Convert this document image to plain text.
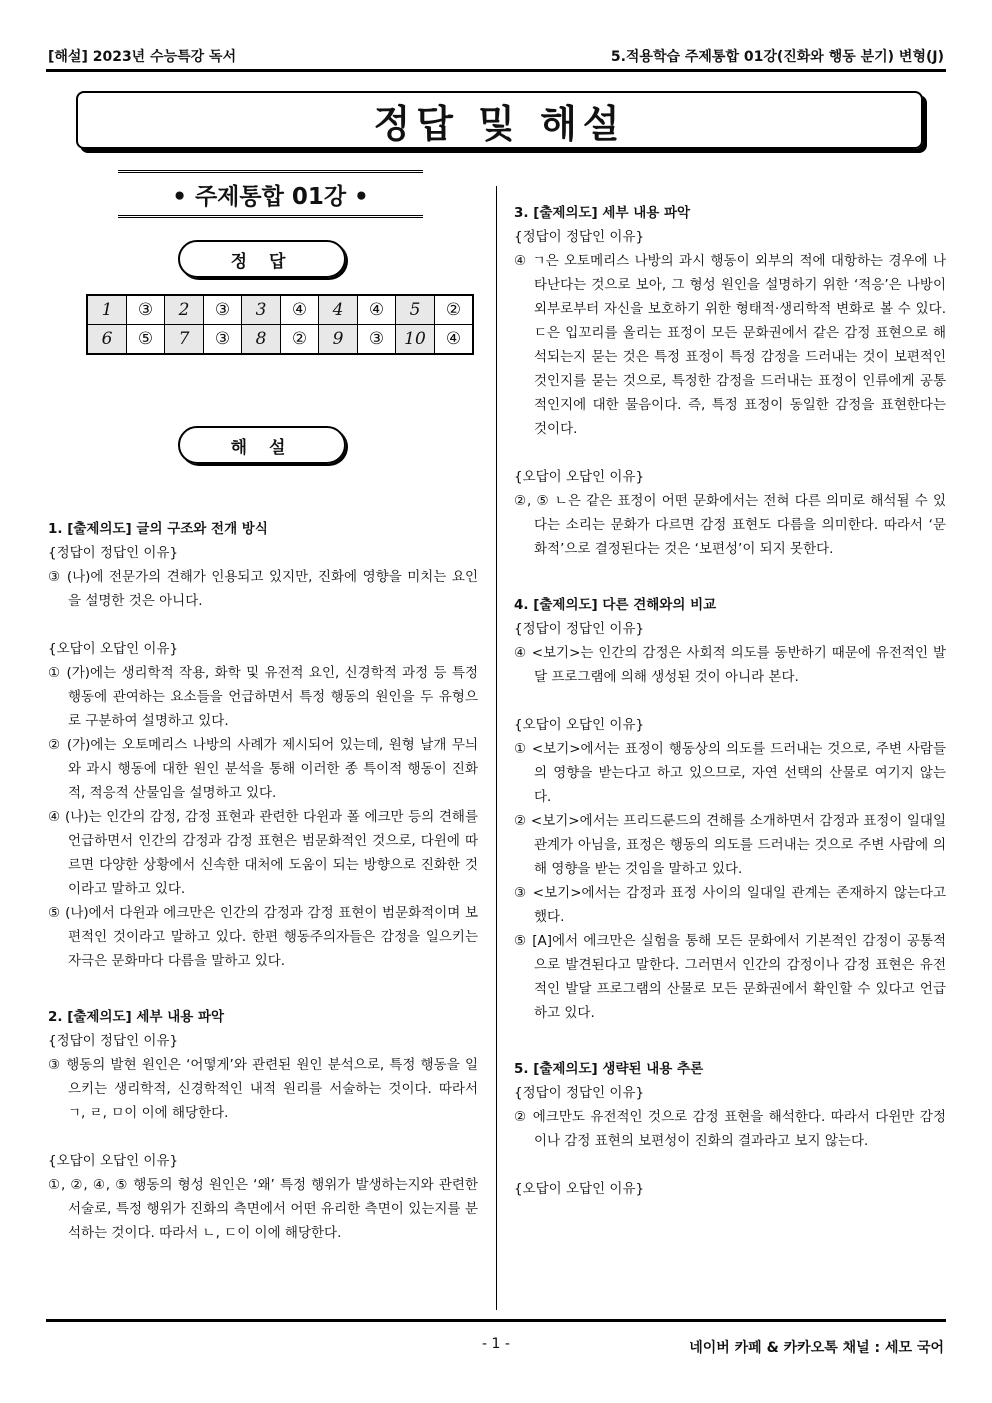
[해설] 2023년 수능특강 독서	5.적용학습 주제통합 01강(진화와 행동 분기) 변형(J)
정답 및 해설
• 주제통합 01강 •
정 답
1	③	2	③	3	④	4	④	5	②
6	⑤	7	③	8	②	9	③	10	④
해 설

1. [출제의도] 글의 구조와 전개 방식

{정답이 정답인 이유}

③ (나)에 전문가의 견해가 인용되고 있지만, 진화에 영향을 미치는 요인을 설명한 것은 아니다.

{오답이 오답인 이유}

① (가)에는 생리학적 작용, 화학 및 유전적 요인, 신경학적 과정 등 특정 행동에 관여하는 요소들을 언급하면서 특정 행동의 원인을 두 유형으로 구분하여 설명하고 있다.

② (가)에는 오토메리스 나방의 사례가 제시되어 있는데, 원형 날개 무늬와 과시 행동에 대한 원인 분석을 통해 이러한 종 특이적 행동이 진화적, 적응적 산물임을 설명하고 있다.

④ (나)는 인간의 감정, 감정 표현과 관련한 다윈과 폴 에크만 등의 견해를 언급하면서 인간의 감정과 감정 표현은 범문화적인 것으로, 다윈에 따르면 다양한 상황에서 신속한 대처에 도움이 되는 방향으로 진화한 것이라고 말하고 있다.

⑤ (나)에서 다윈과 에크만은 인간의 감정과 감정 표현이 범문화적이며 보편적인 것이라고 말하고 있다. 한편 행동주의자들은 감정을 일으키는 자극은 문화마다 다름을 말하고 있다.

2. [출제의도] 세부 내용 파악

{정답이 정답인 이유}

③ 행동의 발현 원인은 ‘어떻게’와 관련된 원인 분석으로, 특정 행동을 일으키는 생리학적, 신경학적인 내적 원리를 서술하는 것이다. 따라서 ㄱ, ㄹ, ㅁ이 이에 해당한다.

{오답이 오답인 이유}

①, ②, ④, ⑤ 행동의 형성 원인은 ‘왜’ 특정 행위가 발생하는지와 관련한 서술로, 특정 행위가 진화의 측면에서 어떤 유리한 측면이 있는지를 분석하는 것이다. 따라서 ㄴ, ㄷ이 이에 해당한다.

3. [출제의도] 세부 내용 파악

{정답이 정답인 이유}

④ ㄱ은 오토메리스 나방의 과시 행동이 외부의 적에 대항하는 경우에 나타난다는 것으로 보아, 그 형성 원인을 설명하기 위한 ‘적응’은 나방이 외부로부터 자신을 보호하기 위한 형태적·생리학적 변화로 볼 수 있다. ㄷ은 입꼬리를 올리는 표정이 모든 문화권에서 같은 감정 표현으로 해석되는지 묻는 것은 특정 표정이 특정 감정을 드러내는 것이 보편적인 것인지를 묻는 것으로, 특정한 감정을 드러내는 표정이 인류에게 공통적인지에 대한 물음이다. 즉, 특정 표정이 동일한 감정을 표현한다는 것이다.

{오답이 오답인 이유}

②, ⑤ ㄴ은 같은 표정이 어떤 문화에서는 전혀 다른 의미로 해석될 수 있다는 소리는 문화가 다르면 감정 표현도 다름을 의미한다. 따라서 ‘문화적’으로 결정된다는 것은 ‘보편성’이 되지 못한다.

4. [출제의도] 다른 견해와의 비교

{정답이 정답인 이유}

④ <보기>는 인간의 감정은 사회적 의도를 동반하기 때문에 유전적인 발달 프로그램에 의해 생성된 것이 아니라 본다.

{오답이 오답인 이유}

① <보기>에서는 표정이 행동상의 의도를 드러내는 것으로, 주변 사람들의 영향을 받는다고 하고 있으므로, 자연 선택의 산물로 여기지 않는다.

② <보기>에서는 프리드룬드의 견해를 소개하면서 감정과 표정이 일대일 관계가 아님을, 표정은 행동의 의도를 드러내는 것으로 주변 사람에 의해 영향을 받는 것임을 말하고 있다.

③ <보기>에서는 감정과 표정 사이의 일대일 관계는 존재하지 않는다고 했다.

⑤ [A]에서 에크만은 실험을 통해 모든 문화에서 기본적인 감정이 공통적으로 발견된다고 말한다. 그러면서 인간의 감정이나 감정 표현은 유전적인 발달 프로그램의 산물로 모든 문화권에서 확인할 수 있다고 언급하고 있다.

5. [출제의도] 생략된 내용 추론

{정답이 정답인 이유}

② 에크만도 유전적인 것으로 감정 표현을 해석한다. 따라서 다윈만 감정이나 감정 표현의 보편성이 진화의 결과라고 보지 않는다.

{오답이 오답인 이유}

- 1 -	네이버 카페 & 카카오톡 채널 : 세모 국어
